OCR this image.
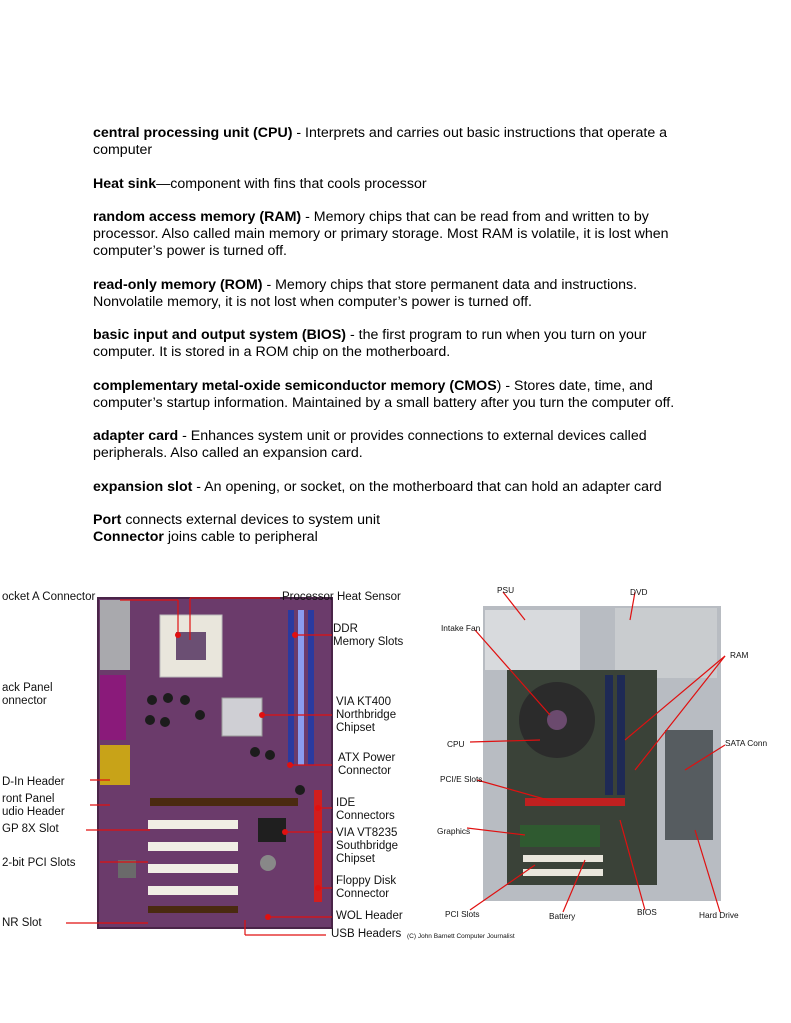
central processing unit (CPU) - Interprets and carries out basic instructions that operate a computer

Heat sink—component with fins that cools processor

random access memory (RAM) - Memory chips that can be read from and written to by processor. Also called main memory or primary storage. Most RAM is volatile, it is lost when computer’s power is turned off.

read-only memory (ROM) - Memory chips that store permanent data and instructions. Nonvolatile memory, it is not lost when computer’s power is turned off.

basic input and output system (BIOS) - the first program to run when you turn on your computer. It is stored in a ROM chip on the motherboard.

complementary metal-oxide semiconductor memory (CMOS) - Stores date, time, and computer’s startup information. Maintained by a small battery after you turn the computer off.

adapter card - Enhances system unit or provides connections to external devices called peripherals. Also called an expansion card.

expansion slot - An opening, or socket, on the motherboard that can hold an adapter card

Port connects external devices to system unit

Connector joins cable to peripheral

ocket A Connector	Processor Heat Sensor
DDR
Memory Slots
ack Panel
onnector	VIA KT400
Northbridge
Chipset
ATX Power
Connector
D-In Header
ront Panel
udio Header
GP 8X Slot
IDE
Connectors
VIA VT8235
Southbridge
Chipset
2-bit PCI Slots
Floppy Disk
Connector
NR Slot
WOL Header
USB Headers
PSU	DVD
Intake Fan
RAM
CPU	SATA Conn
PCI/E Slots
Graphics
PCI Slots	Battery	BIOS	Hard Drive
(C) John Barnett Computer Journalist
